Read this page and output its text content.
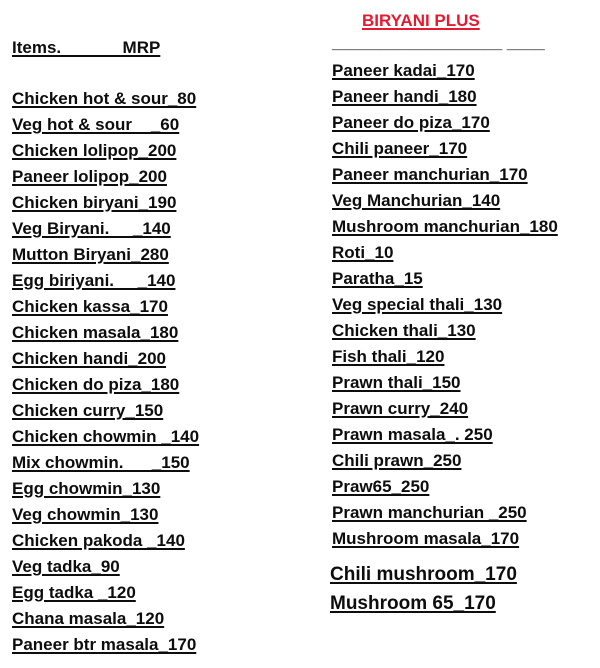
BIRYANI PLUS
Items.             MRP	__________________ ____
Chicken hot & sour_80
Veg hot & sour    _60
Chicken lolipop_200
Paneer lolipop_200
Chicken biryani_190
Veg Biryani.     _140
Mutton Biryani_280
Egg biriyani.     _140
Chicken kassa_170
Chicken masala_180
Chicken handi_200
Chicken do piza_180
Chicken curry_150
Chicken chowmin _140
Mix chowmin.      _150
Egg chowmin_130
Veg chowmin_130
Chicken pakoda _140
Veg tadka_90
Egg tadka _120
Chana masala_120
Paneer btr masala_170
Paneer kadai_170
Paneer handi_180
Paneer do piza_170
Chili paneer_170
Paneer manchurian_170
Veg Manchurian_140
Mushroom manchurian_180
Roti_10
Paratha_15
Veg special thali_130
Chicken thali_130
Fish thali_120
Prawn thali_150
Prawn curry_240
Prawn masala_. 250
Chili prawn_250
Praw65_250
Prawn manchurian _250
Mushroom masala_170
Chili mushroom_170
Mushroom 65_170
